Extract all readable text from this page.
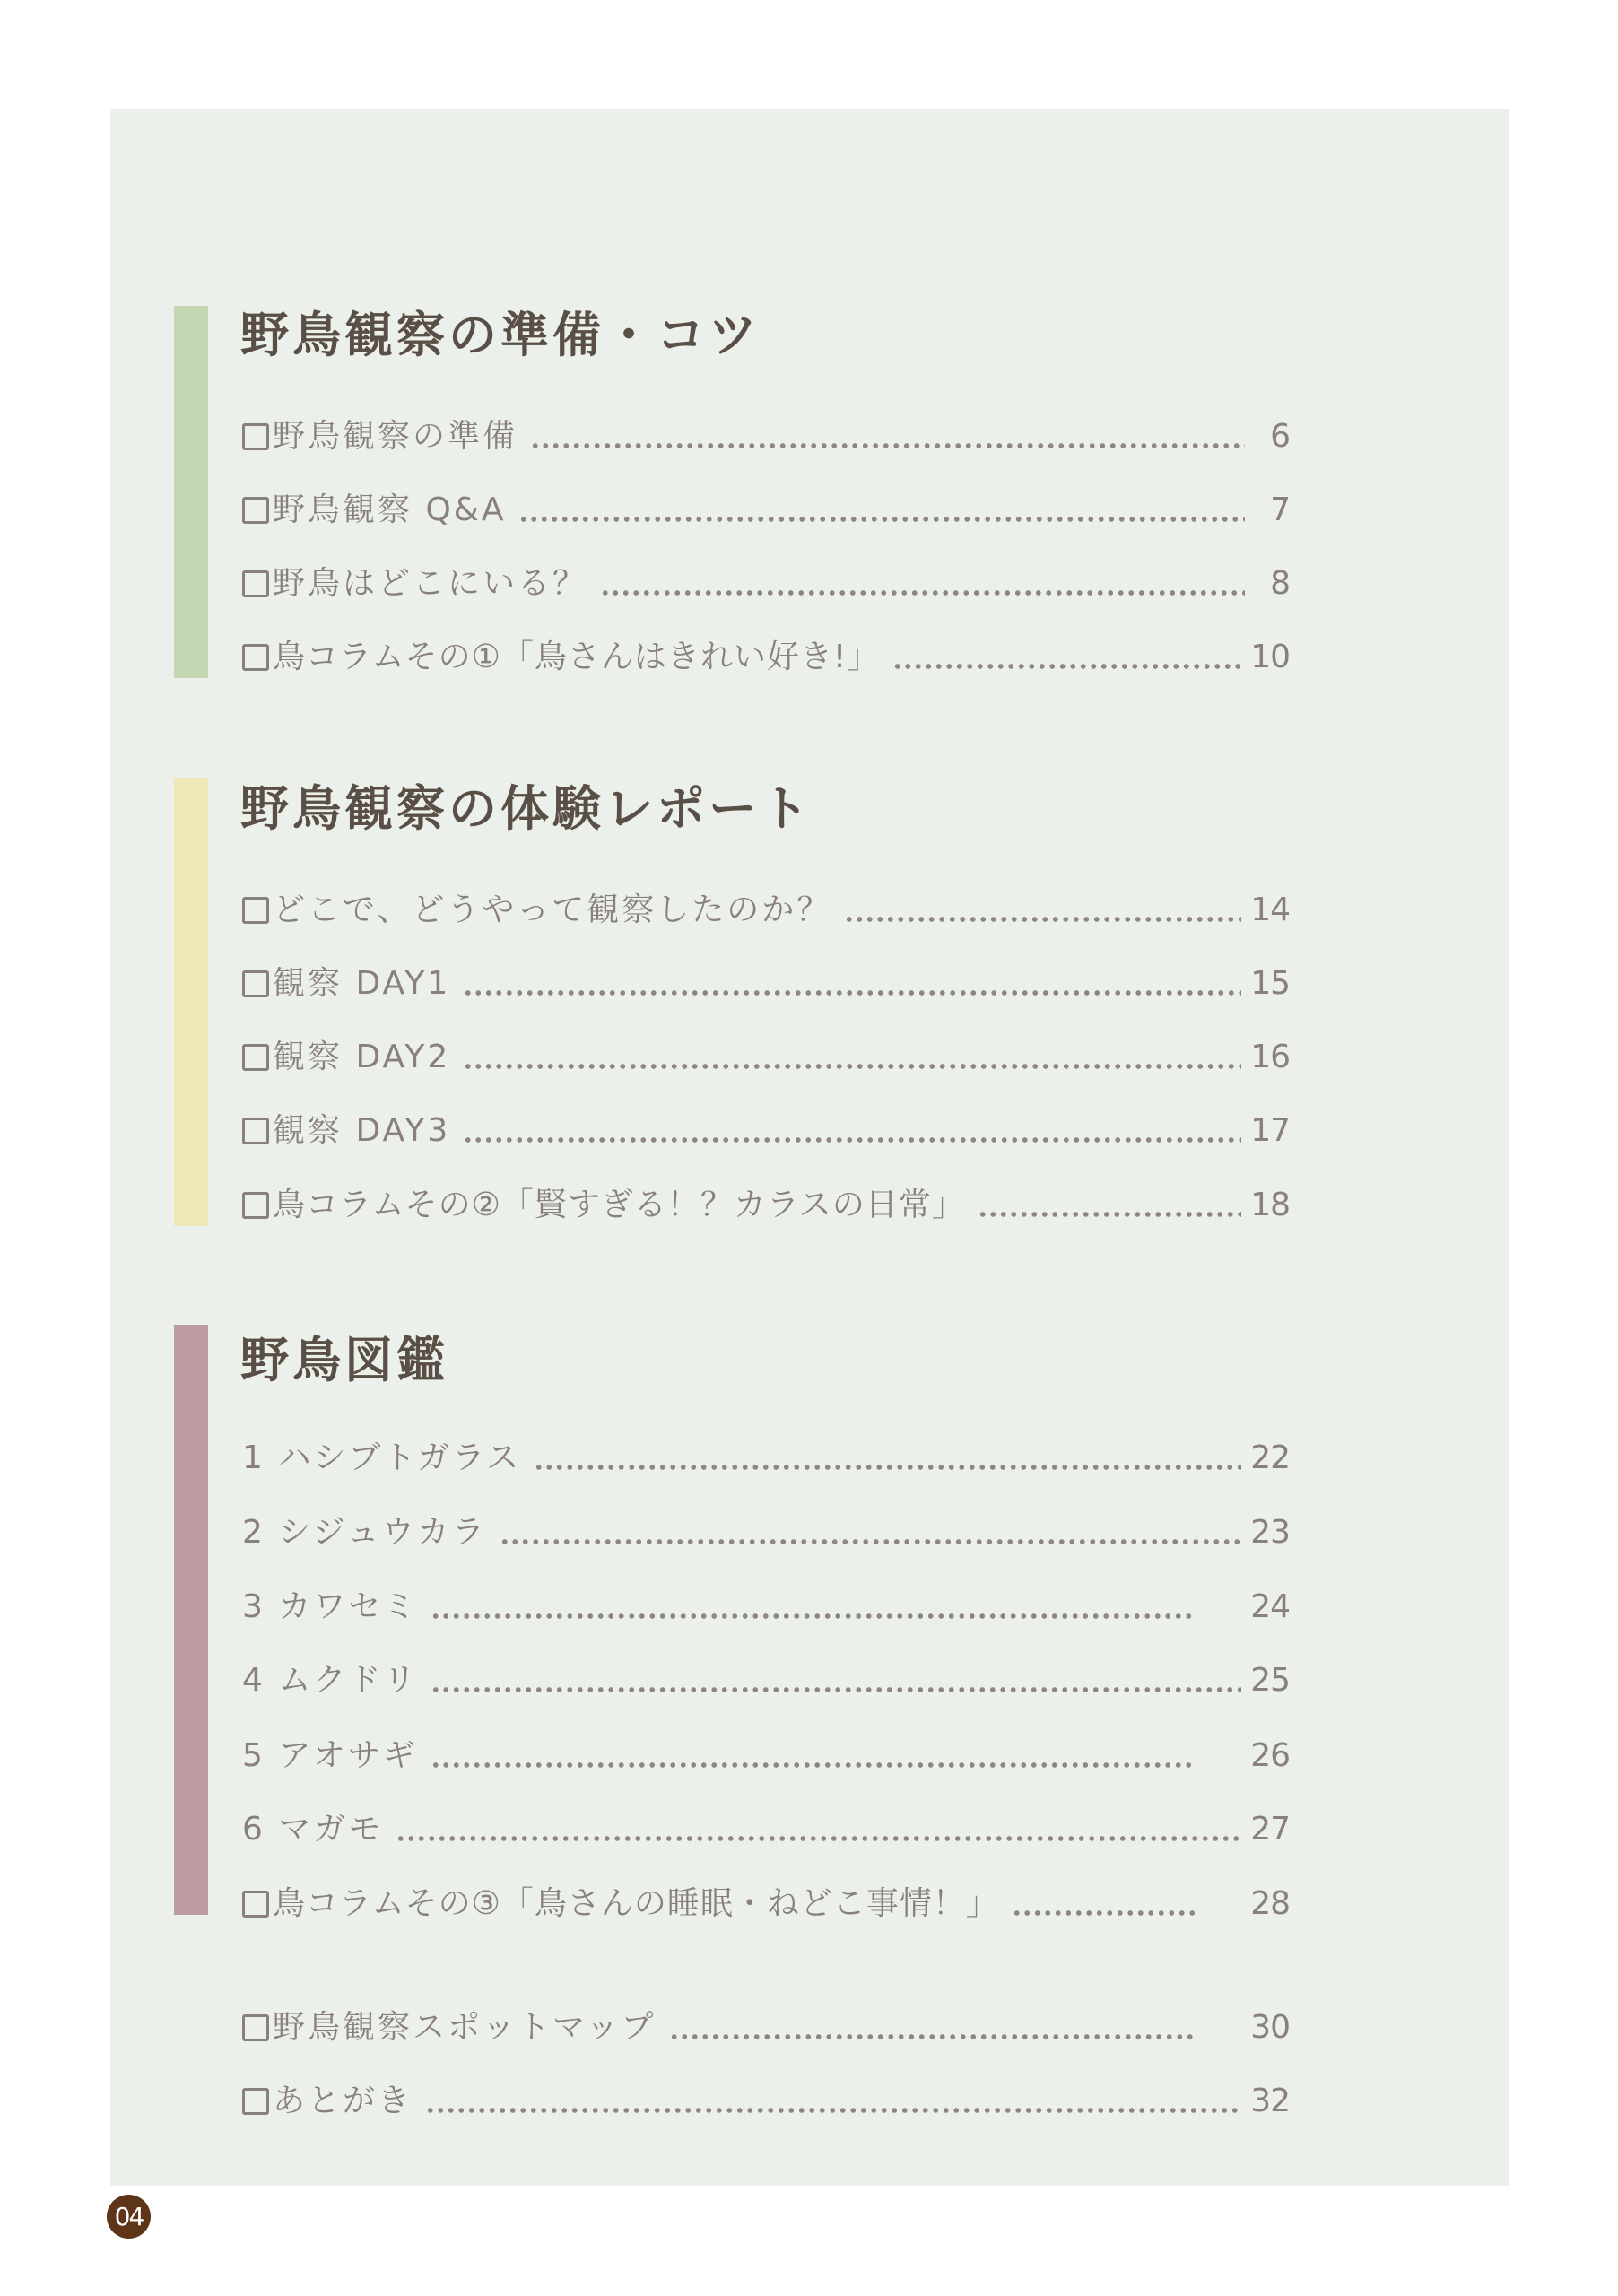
野鳥観察の準備・コツ
野鳥観察の準備	6
野鳥観察 Q&A	7
野鳥はどこにいる？	8
鳥コラムその①「鳥さんはきれい好き!」	10
野鳥観察の体験レポート
どこで、どうやって観察したのか？	14
観察 DAY1	15
観察 DAY2	16
観察 DAY3	17
鳥コラムその②「賢すぎる！？カラスの日常」	18
野鳥図鑑
1 ハシブトガラス	22
2 シジュウカラ	23
3 カワセミ	24
4 ムクドリ	25
5 アオサギ	26
6 マガモ	27
鳥コラムその③「鳥さんの睡眠・ねどこ事情！」	28
野鳥観察スポットマップ	30
あとがき	32
04
